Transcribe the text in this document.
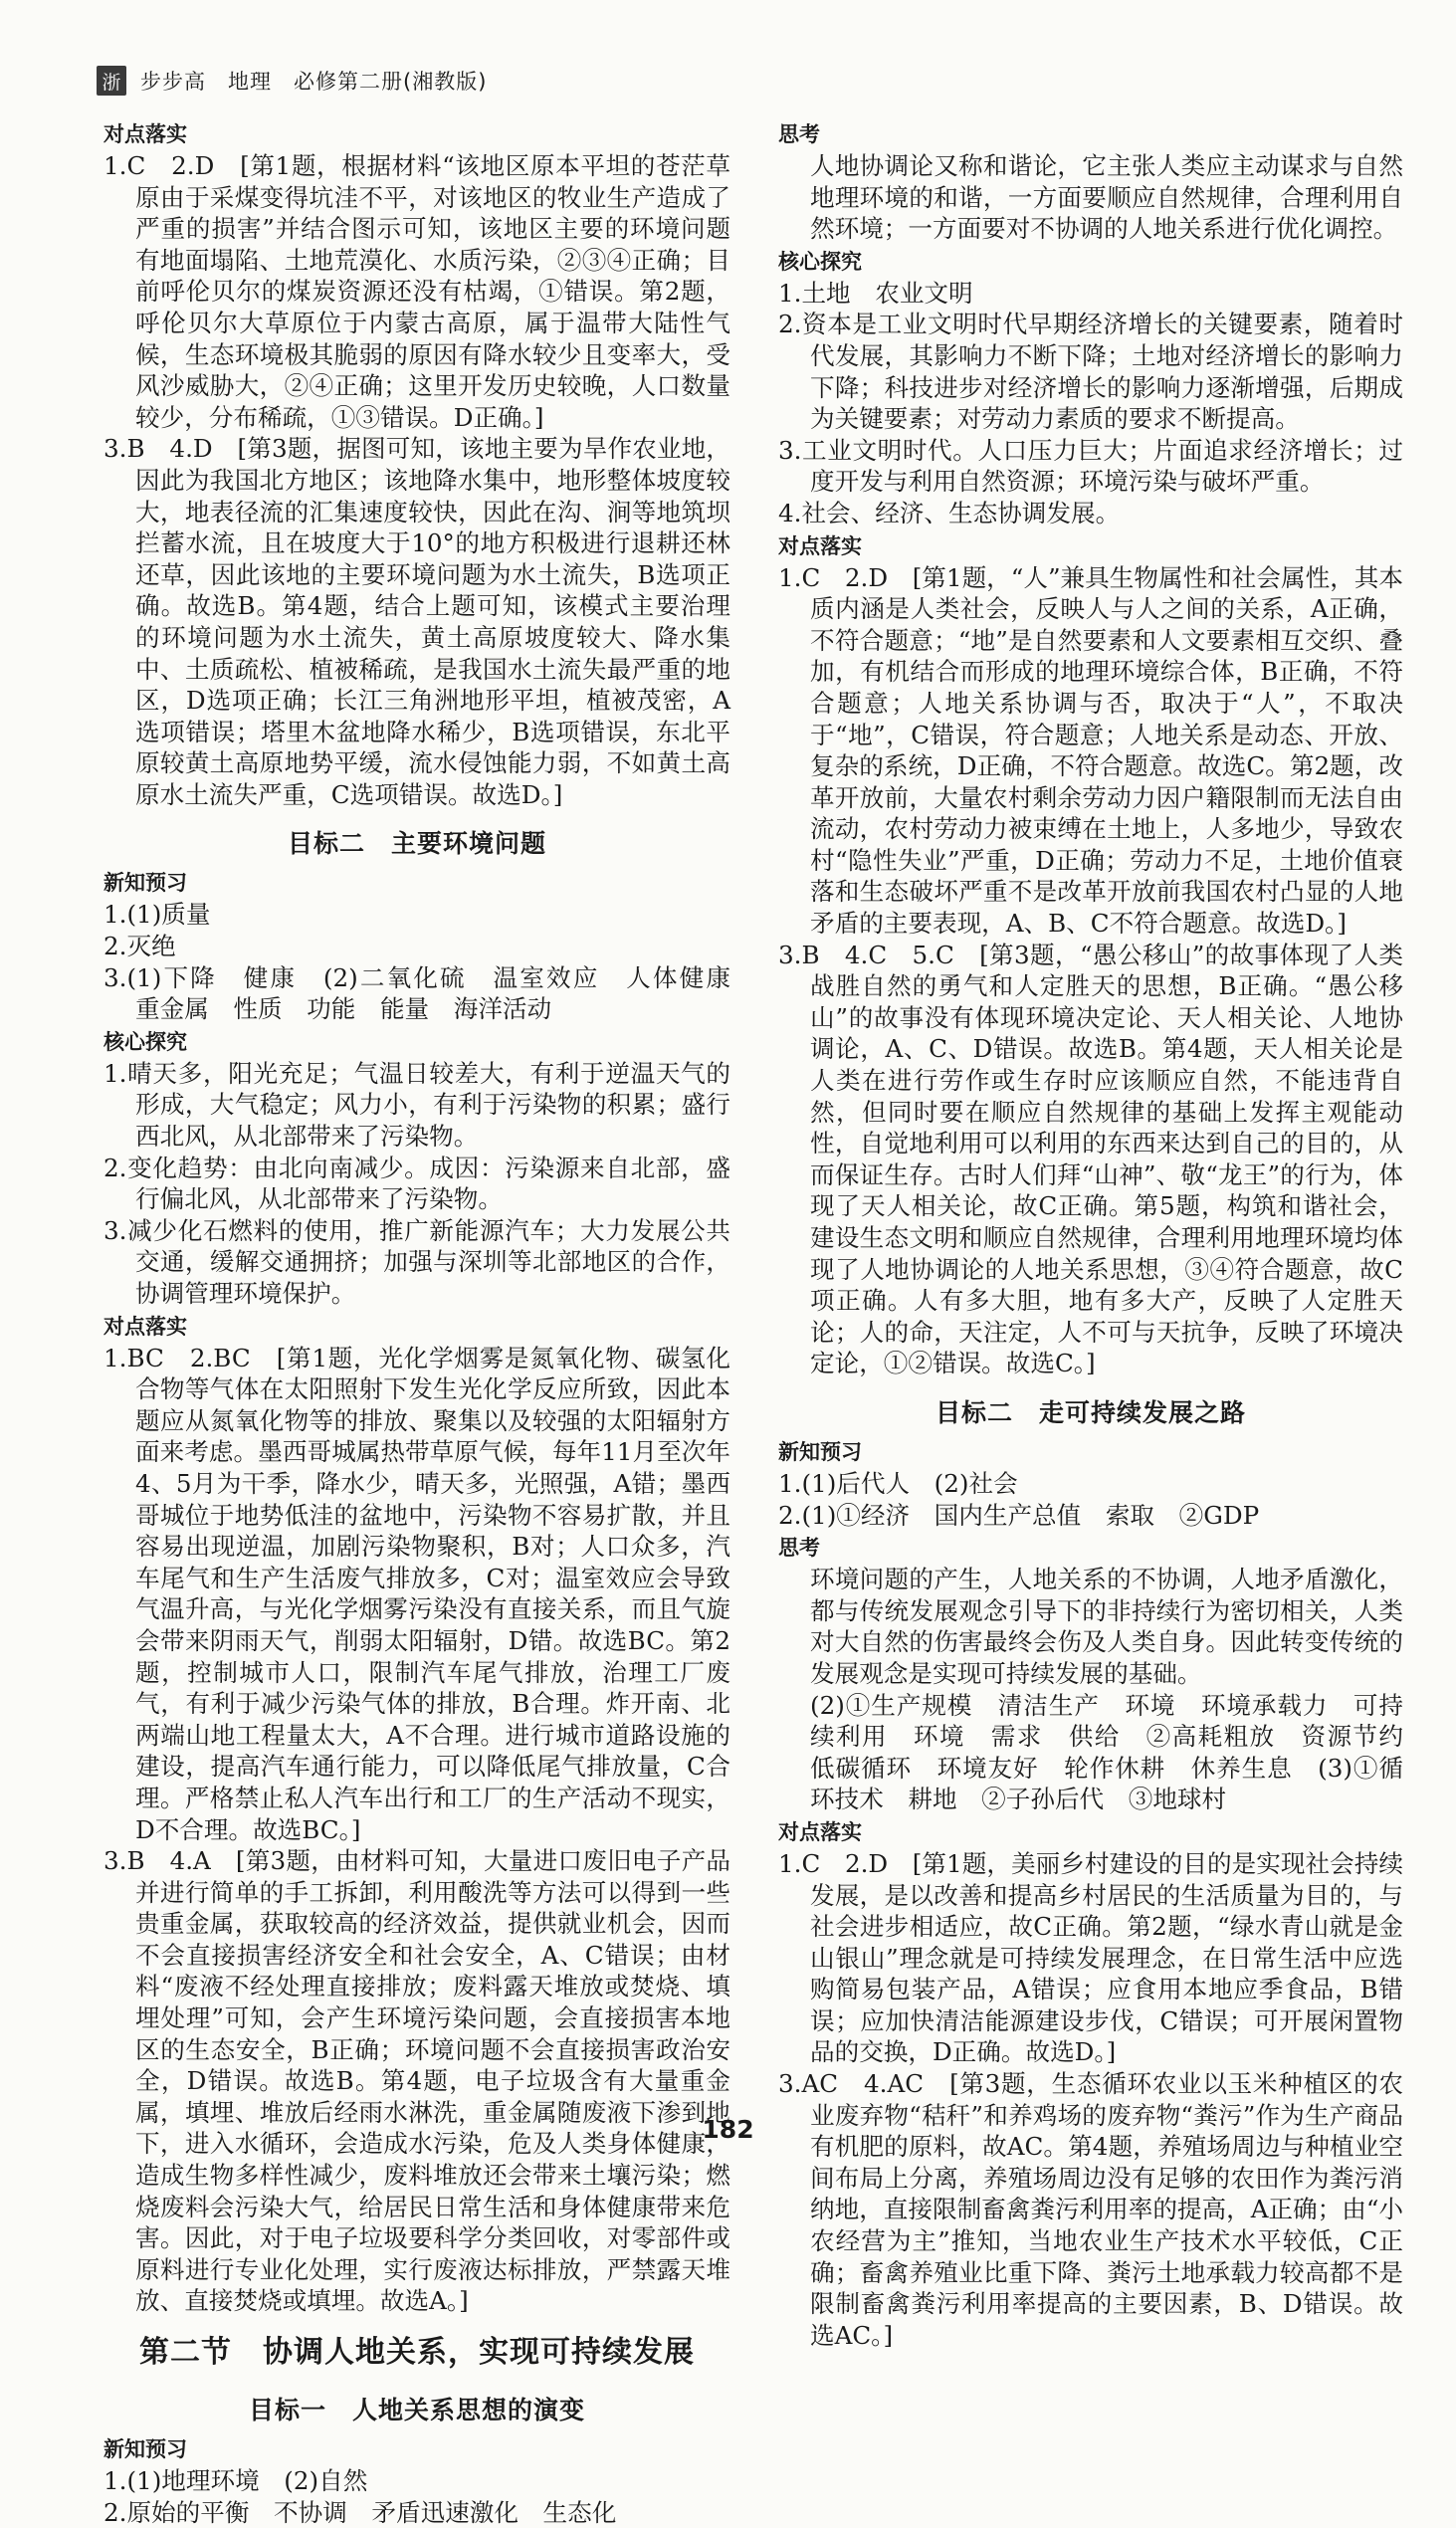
浙 步步高　地理　必修第二册(湘教版)
对点落实
1.C　2.D　[第1题，根据材料“该地区原本平坦的苍茫草原由于采煤变得坑洼不平，对该地区的牧业生产造成了严重的损害”并结合图示可知，该地区主要的环境问题有地面塌陷、土地荒漠化、水质污染，②③④正确；目前呼伦贝尔的煤炭资源还没有枯竭，①错误。第2题，呼伦贝尔大草原位于内蒙古高原，属于温带大陆性气候，生态环境极其脆弱的原因有降水较少且变率大，受风沙威胁大，②④正确；这里开发历史较晚，人口数量较少，分布稀疏，①③错误。D正确。]
3.B　4.D　[第3题，据图可知，该地主要为旱作农业地，因此为我国北方地区；该地降水集中，地形整体坡度较大，地表径流的汇集速度较快，因此在沟、涧等地筑坝拦蓄水流，且在坡度大于10°的地方积极进行退耕还林还草，因此该地的主要环境问题为水土流失，B选项正确。故选B。第4题，结合上题可知，该模式主要治理的环境问题为水土流失，黄土高原坡度较大、降水集中、土质疏松、植被稀疏，是我国水土流失最严重的地区，D选项正确；长江三角洲地形平坦，植被茂密，A选项错误；塔里木盆地降水稀少，B选项错误，东北平原较黄土高原地势平缓，流水侵蚀能力弱，不如黄土高原水土流失严重，C选项错误。故选D。]
目标二　主要环境问题
新知预习
1.(1)质量
2.灭绝
3.(1)下降　健康　(2)二氧化硫　温室效应　人体健康　重金属　性质　功能　能量　海洋活动
核心探究
1.晴天多，阳光充足；气温日较差大，有利于逆温天气的形成，大气稳定；风力小，有利于污染物的积累；盛行西北风，从北部带来了污染物。
2.变化趋势：由北向南减少。成因：污染源来自北部，盛行偏北风，从北部带来了污染物。
3.减少化石燃料的使用，推广新能源汽车；大力发展公共交通，缓解交通拥挤；加强与深圳等北部地区的合作，协调管理环境保护。
对点落实
1.BC　2.BC　[第1题，光化学烟雾是氮氧化物、碳氢化合物等气体在太阳照射下发生光化学反应所致，因此本题应从氮氧化物等的排放、聚集以及较强的太阳辐射方面来考虑。墨西哥城属热带草原气候，每年11月至次年4、5月为干季，降水少，晴天多，光照强，A错；墨西哥城位于地势低洼的盆地中，污染物不容易扩散，并且容易出现逆温，加剧污染物聚积，B对；人口众多，汽车尾气和生产生活废气排放多，C对；温室效应会导致气温升高，与光化学烟雾污染没有直接关系，而且气旋会带来阴雨天气，削弱太阳辐射，D错。故选BC。第2题，控制城市人口，限制汽车尾气排放，治理工厂废气，有利于减少污染气体的排放，B合理。炸开南、北两端山地工程量太大，A不合理。进行城市道路设施的建设，提高汽车通行能力，可以降低尾气排放量，C合理。严格禁止私人汽车出行和工厂的生产活动不现实，D不合理。故选BC。]
3.B　4.A　[第3题，由材料可知，大量进口废旧电子产品并进行简单的手工拆卸，利用酸洗等方法可以得到一些贵重金属，获取较高的经济效益，提供就业机会，因而不会直接损害经济安全和社会安全，A、C错误；由材料“废液不经处理直接排放；废料露天堆放或焚烧、填埋处理”可知，会产生环境污染问题，会直接损害本地区的生态安全，B正确；环境问题不会直接损害政治安全，D错误。故选B。第4题，电子垃圾含有大量重金属，填埋、堆放后经雨水淋洗，重金属随废液下渗到地下，进入水循环，会造成水污染，危及人类身体健康，造成生物多样性减少，废料堆放还会带来土壤污染；燃烧废料会污染大气，给居民日常生活和身体健康带来危害。因此，对于电子垃圾要科学分类回收，对零部件或原料进行专业化处理，实行废液达标排放，严禁露天堆放、直接焚烧或填埋。故选A。]
第二节　协调人地关系，实现可持续发展
目标一　人地关系思想的演变
新知预习
1.(1)地理环境　(2)自然
2.原始的平衡　不协调　矛盾迅速激化　生态化
思考
人地协调论又称和谐论，它主张人类应主动谋求与自然地理环境的和谐，一方面要顺应自然规律，合理利用自然环境；一方面要对不协调的人地关系进行优化调控。
核心探究
1.土地　农业文明
2.资本是工业文明时代早期经济增长的关键要素，随着时代发展，其影响力不断下降；土地对经济增长的影响力下降；科技进步对经济增长的影响力逐渐增强，后期成为关键要素；对劳动力素质的要求不断提高。
3.工业文明时代。人口压力巨大；片面追求经济增长；过度开发与利用自然资源；环境污染与破坏严重。
4.社会、经济、生态协调发展。
对点落实
1.C　2.D　[第1题，“人”兼具生物属性和社会属性，其本质内涵是人类社会，反映人与人之间的关系，A正确，不符合题意；“地”是自然要素和人文要素相互交织、叠加，有机结合而形成的地理环境综合体，B正确，不符合题意；人地关系协调与否，取决于“人”，不取决于“地”，C错误，符合题意；人地关系是动态、开放、复杂的系统，D正确，不符合题意。故选C。第2题，改革开放前，大量农村剩余劳动力因户籍限制而无法自由流动，农村劳动力被束缚在土地上，人多地少，导致农村“隐性失业”严重，D正确；劳动力不足，土地价值衰落和生态破坏严重不是改革开放前我国农村凸显的人地矛盾的主要表现，A、B、C不符合题意。故选D。]
3.B　4.C　5.C　[第3题，“愚公移山”的故事体现了人类战胜自然的勇气和人定胜天的思想，B正确。“愚公移山”的故事没有体现环境决定论、天人相关论、人地协调论，A、C、D错误。故选B。第4题，天人相关论是人类在进行劳作或生存时应该顺应自然，不能违背自然，但同时要在顺应自然规律的基础上发挥主观能动性，自觉地利用可以利用的东西来达到自己的目的，从而保证生存。古时人们拜“山神”、敬“龙王”的行为，体现了天人相关论，故C正确。第5题，构筑和谐社会，建设生态文明和顺应自然规律，合理利用地理环境均体现了人地协调论的人地关系思想，③④符合题意，故C项正确。人有多大胆，地有多大产，反映了人定胜天论；人的命，天注定，人不可与天抗争，反映了环境决定论，①②错误。故选C。]
目标二　走可持续发展之路
新知预习
1.(1)后代人　(2)社会
2.(1)①经济　国内生产总值　索取　②GDP
思考
环境问题的产生，人地关系的不协调，人地矛盾激化，都与传统发展观念引导下的非持续行为密切相关，人类对大自然的伤害最终会伤及人类自身。因此转变传统的发展观念是实现可持续发展的基础。
(2)①生产规模　清洁生产　环境　环境承载力　可持续利用　环境　需求　供给　②高耗粗放　资源节约　低碳循环　环境友好　轮作休耕　休养生息　(3)①循环技术　耕地　②子孙后代　③地球村
对点落实
1.C　2.D　[第1题，美丽乡村建设的目的是实现社会持续发展，是以改善和提高乡村居民的生活质量为目的，与社会进步相适应，故C正确。第2题，“绿水青山就是金山银山”理念就是可持续发展理念，在日常生活中应选购简易包装产品，A错误；应食用本地应季食品，B错误；应加快清洁能源建设步伐，C错误；可开展闲置物品的交换，D正确。故选D。]
3.AC　4.AC　[第3题，生态循环农业以玉米种植区的农业废弃物“秸秆”和养鸡场的废弃物“粪污”作为生产商品有机肥的原料，故AC。第4题，养殖场周边与种植业空间布局上分离，养殖场周边没有足够的农田作为粪污消纳地，直接限制畜禽粪污利用率的提高，A正确；由“小农经营为主”推知，当地农业生产技术水平较低，C正确；畜禽养殖业比重下降、粪污土地承载力较高都不是限制畜禽粪污利用率提高的主要因素，B、D错误。故选AC。]
182
